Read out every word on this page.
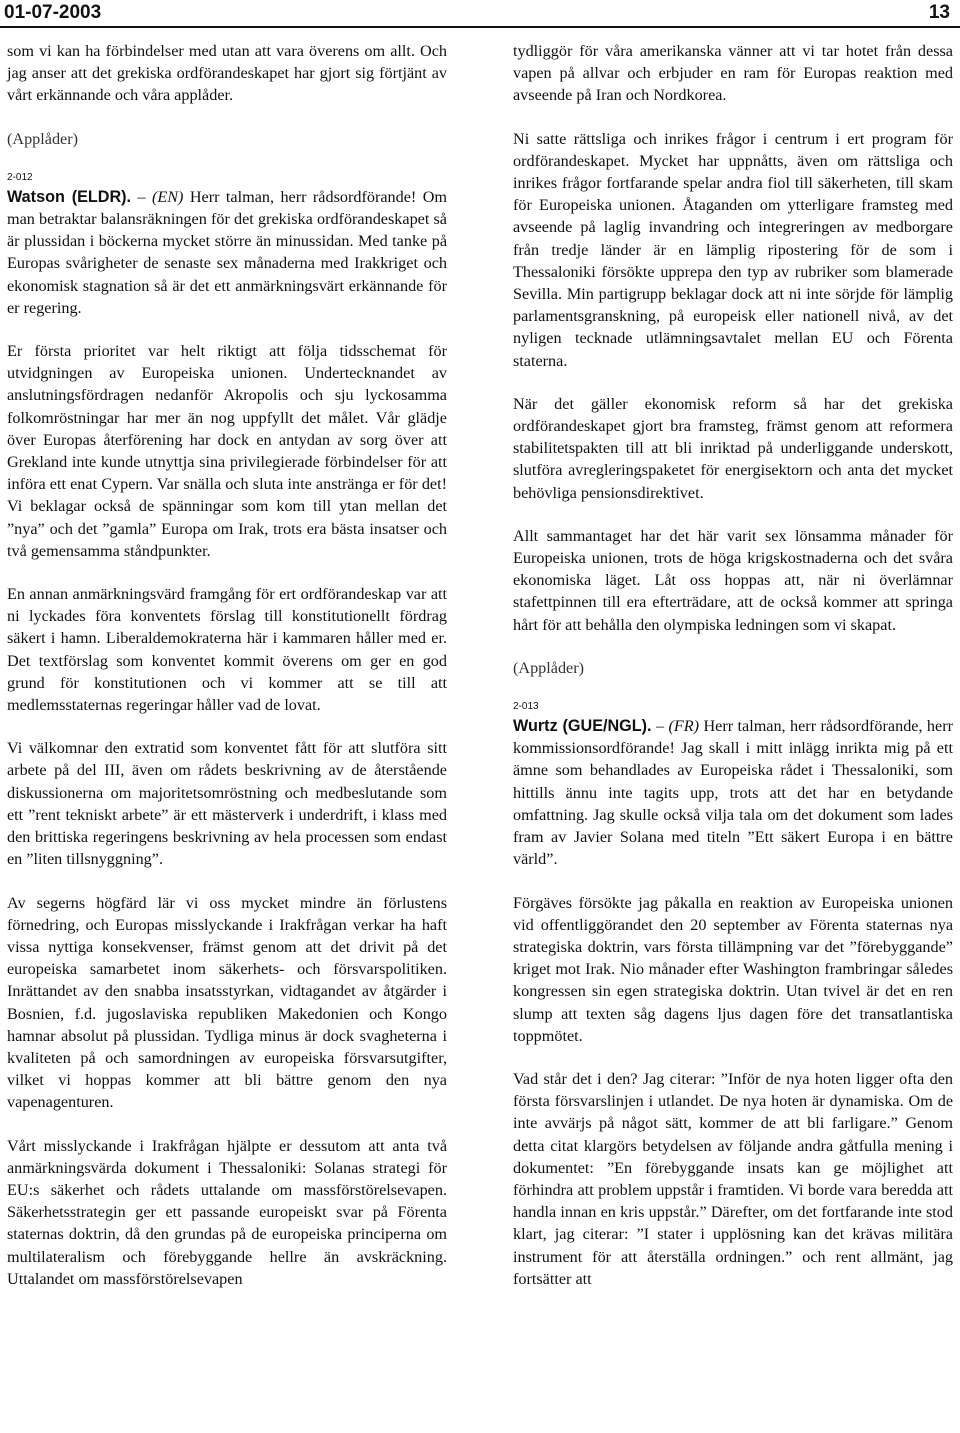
01-07-2003	13

som vi kan ha förbindelser med utan att vara överens om allt. Och jag anser att det grekiska ordförandeskapet har gjort sig förtjänt av vårt erkännande och våra applåder.

(Applåder)
2-012

Watson (ELDR). – (EN) Herr talman, herr rådsordförande! Om man betraktar balansräkningen för det grekiska ordförandeskapet så är plussidan i böckerna mycket större än minussidan. Med tanke på Europas svårigheter de senaste sex månaderna med Irakkriget och ekonomisk stagnation så är det ett anmärkningsvärt erkännande för er regering.

Er första prioritet var helt riktigt att följa tidsschemat för utvidgningen av Europeiska unionen. Undertecknandet av anslutningsfördragen nedanför Akropolis och sju lyckosamma folkomröstningar har mer än nog uppfyllt det målet. Vår glädje över Europas återförening har dock en antydan av sorg över att Grekland inte kunde utnyttja sina privilegierade förbindelser för att införa ett enat Cypern. Var snälla och sluta inte anstränga er för det! Vi beklagar också de spänningar som kom till ytan mellan det ”nya” och det ”gamla” Europa om Irak, trots era bästa insatser och två gemensamma ståndpunkter.

En annan anmärkningsvärd framgång för ert ordförandeskap var att ni lyckades föra konventets förslag till konstitutionellt fördrag säkert i hamn. Liberaldemokraterna här i kammaren håller med er. Det textförslag som konventet kommit överens om ger en god grund för konstitutionen och vi kommer att se till att medlemsstaternas regeringar håller vad de lovat.

Vi välkomnar den extratid som konventet fått för att slutföra sitt arbete på del III, även om rådets beskrivning av de återstående diskussionerna om majoritetsomröstning och medbeslutande som ett ”rent tekniskt arbete” är ett mästerverk i underdrift, i klass med den brittiska regeringens beskrivning av hela processen som endast en ”liten tillsnyggning”.

Av segerns högfärd lär vi oss mycket mindre än förlustens förnedring, och Europas misslyckande i Irakfrågan verkar ha haft vissa nyttiga konsekvenser, främst genom att det drivit på det europeiska samarbetet inom säkerhets- och försvarspolitiken. Inrättandet av den snabba insatsstyrkan, vidtagandet av åtgärder i Bosnien, f.d. jugoslaviska republiken Makedonien och Kongo hamnar absolut på plussidan. Tydliga minus är dock svagheterna i kvaliteten på och samordningen av europeiska försvarsutgifter, vilket vi hoppas kommer att bli bättre genom den nya vapenagenturen.

Vårt misslyckande i Irakfrågan hjälpte er dessutom att anta två anmärkningsvärda dokument i Thessaloniki: Solanas strategi för EU:s säkerhet och rådets uttalande om massförstörelsevapen. Säkerhetsstrategin ger ett passande europeiskt svar på Förenta staternas doktrin, då den grundas på de europeiska principerna om multilateralism och förebyggande hellre än avskräckning. Uttalandet om massförstörelsevapen

tydliggör för våra amerikanska vänner att vi tar hotet från dessa vapen på allvar och erbjuder en ram för Europas reaktion med avseende på Iran och Nordkorea.

Ni satte rättsliga och inrikes frågor i centrum i ert program för ordförandeskapet. Mycket har uppnåtts, även om rättsliga och inrikes frågor fortfarande spelar andra fiol till säkerheten, till skam för Europeiska unionen. Åtaganden om ytterligare framsteg med avseende på laglig invandring och integreringen av medborgare från tredje länder är en lämplig ripostering för de som i Thessaloniki försökte upprepa den typ av rubriker som blamerade Sevilla. Min partigrupp beklagar dock att ni inte sörjde för lämplig parlamentsgranskning, på europeisk eller nationell nivå, av det nyligen tecknade utlämningsavtalet mellan EU och Förenta staterna.

När det gäller ekonomisk reform så har det grekiska ordförandeskapet gjort bra framsteg, främst genom att reformera stabilitetspakten till att bli inriktad på underliggande underskott, slutföra avregleringspaketet för energisektorn och anta det mycket behövliga pensionsdirektivet.

Allt sammantaget har det här varit sex lönsamma månader för Europeiska unionen, trots de höga krigskostnaderna och det svåra ekonomiska läget. Låt oss hoppas att, när ni överlämnar stafettpinnen till era efterträdare, att de också kommer att springa hårt för att behålla den olympiska ledningen som vi skapat.

(Applåder)
2-013

Wurtz (GUE/NGL). – (FR) Herr talman, herr rådsordförande, herr kommissionsordförande! Jag skall i mitt inlägg inrikta mig på ett ämne som behandlades av Europeiska rådet i Thessaloniki, som hittills ännu inte tagits upp, trots att det har en betydande omfattning. Jag skulle också vilja tala om det dokument som lades fram av Javier Solana med titeln ”Ett säkert Europa i en bättre värld”.

Förgäves försökte jag påkalla en reaktion av Europeiska unionen vid offentliggörandet den 20 september av Förenta staternas nya strategiska doktrin, vars första tillämpning var det ”förebyggande” kriget mot Irak. Nio månader efter Washington frambringar således kongressen sin egen strategiska doktrin. Utan tvivel är det en ren slump att texten såg dagens ljus dagen före det transatlantiska toppmötet.

Vad står det i den? Jag citerar: ”Inför de nya hoten ligger ofta den första försvarslinjen i utlandet. De nya hoten är dynamiska. Om de inte avvärjs på något sätt, kommer de att bli farligare.” Genom detta citat klargörs betydelsen av följande andra gåtfulla mening i dokumentet: ”En förebyggande insats kan ge möjlighet att förhindra att problem uppstår i framtiden. Vi borde vara beredda att handla innan en kris uppstår.” Därefter, om det fortfarande inte stod klart, jag citerar: ”I stater i upplösning kan det krävas militära instrument för att återställa ordningen.” och rent allmänt, jag fortsätter att
